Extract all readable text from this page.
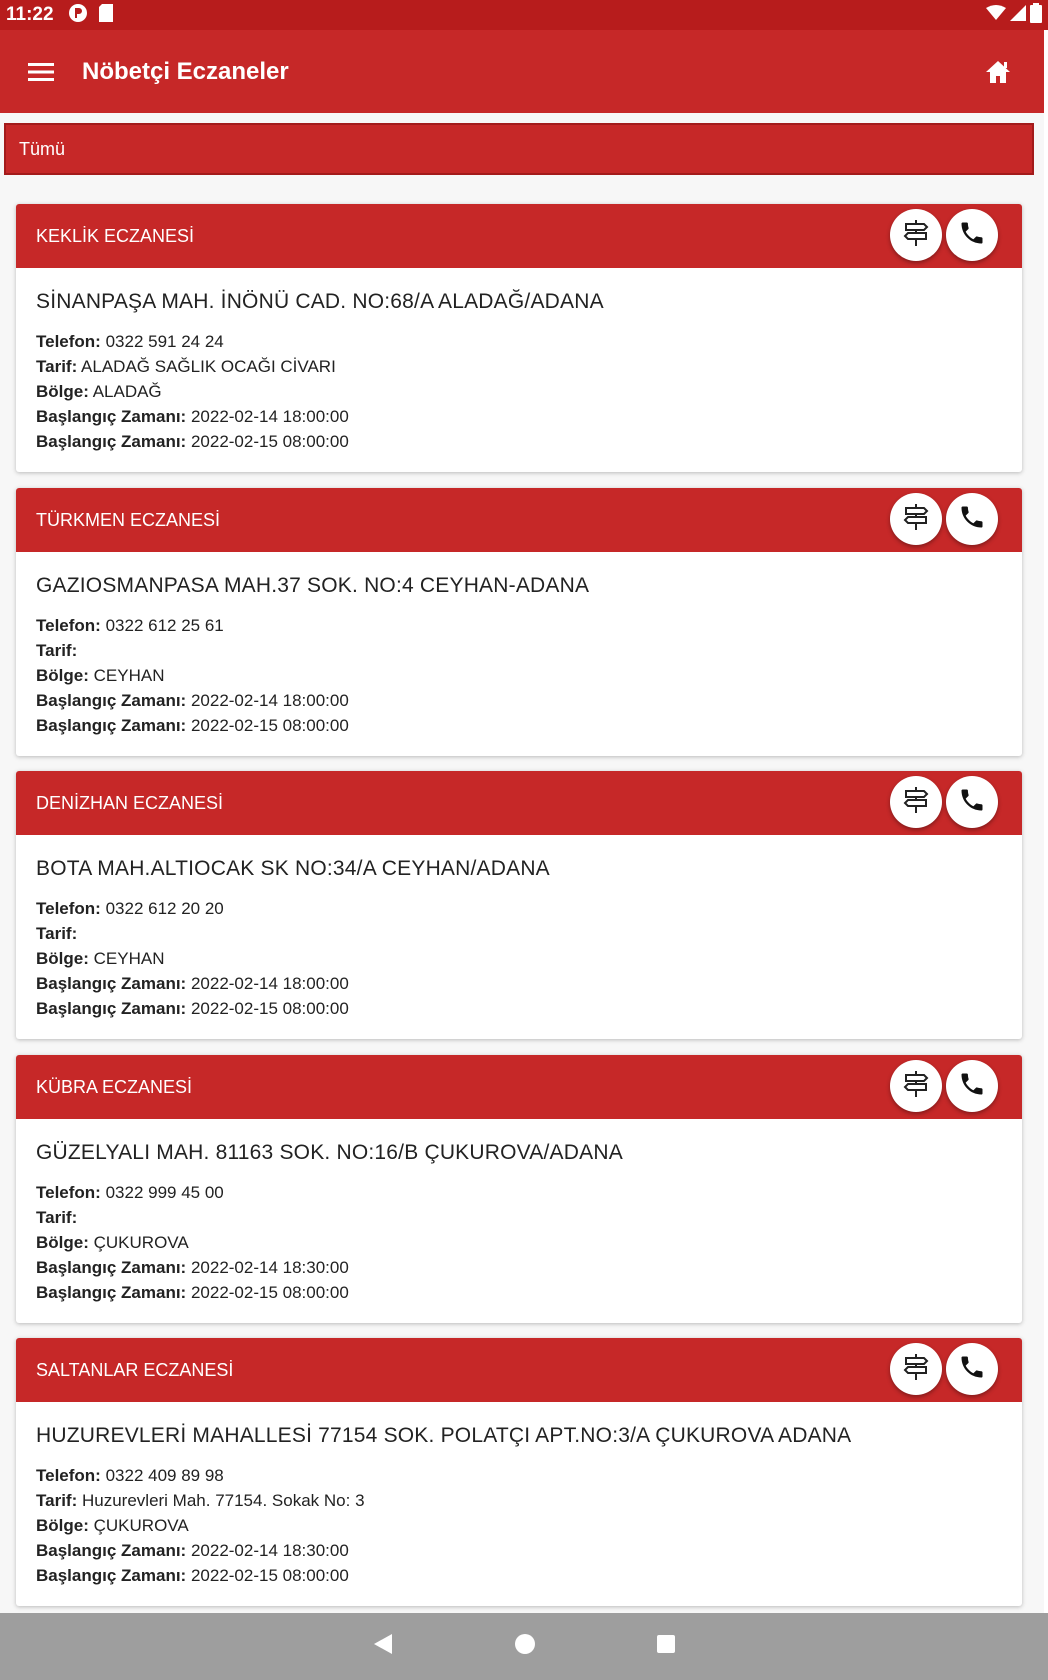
11:22
Nöbetçi Eczaneler
Tümü
KEKLİK ECZANESİ
SİNANPAŞA MAH. İNÖNÜ CAD. NO:68/A ALADAĞ/ADANA
Telefon: 0322 591 24 24
Tarif: ALADAĞ SAĞLIK OCAĞI CİVARI
Bölge: ALADAĞ
Başlangıç Zamanı: 2022-02-14 18:00:00
Başlangıç Zamanı: 2022-02-15 08:00:00
TÜRKMEN ECZANESİ
GAZIOSMANPASA MAH.37 SOK. NO:4 CEYHAN-ADANA
Telefon: 0322 612 25 61
Tarif:
Bölge: CEYHAN
Başlangıç Zamanı: 2022-02-14 18:00:00
Başlangıç Zamanı: 2022-02-15 08:00:00
DENİZHAN ECZANESİ
BOTA MAH.ALTIOCAK SK NO:34/A CEYHAN/ADANA
Telefon: 0322 612 20 20
Tarif:
Bölge: CEYHAN
Başlangıç Zamanı: 2022-02-14 18:00:00
Başlangıç Zamanı: 2022-02-15 08:00:00
KÜBRA ECZANESİ
GÜZELYALI MAH. 81163 SOK. NO:16/B ÇUKUROVA/ADANA
Telefon: 0322 999 45 00
Tarif:
Bölge: ÇUKUROVA
Başlangıç Zamanı: 2022-02-14 18:30:00
Başlangıç Zamanı: 2022-02-15 08:00:00
SALTANLAR ECZANESİ
HUZUREVLERİ MAHALLESİ 77154 SOK. POLATÇI APT.NO:3/A ÇUKUROVA ADANA
Telefon: 0322 409 89 98
Tarif: Huzurevleri Mah. 77154. Sokak No: 3
Bölge: ÇUKUROVA
Başlangıç Zamanı: 2022-02-14 18:30:00
Başlangıç Zamanı: 2022-02-15 08:00:00
